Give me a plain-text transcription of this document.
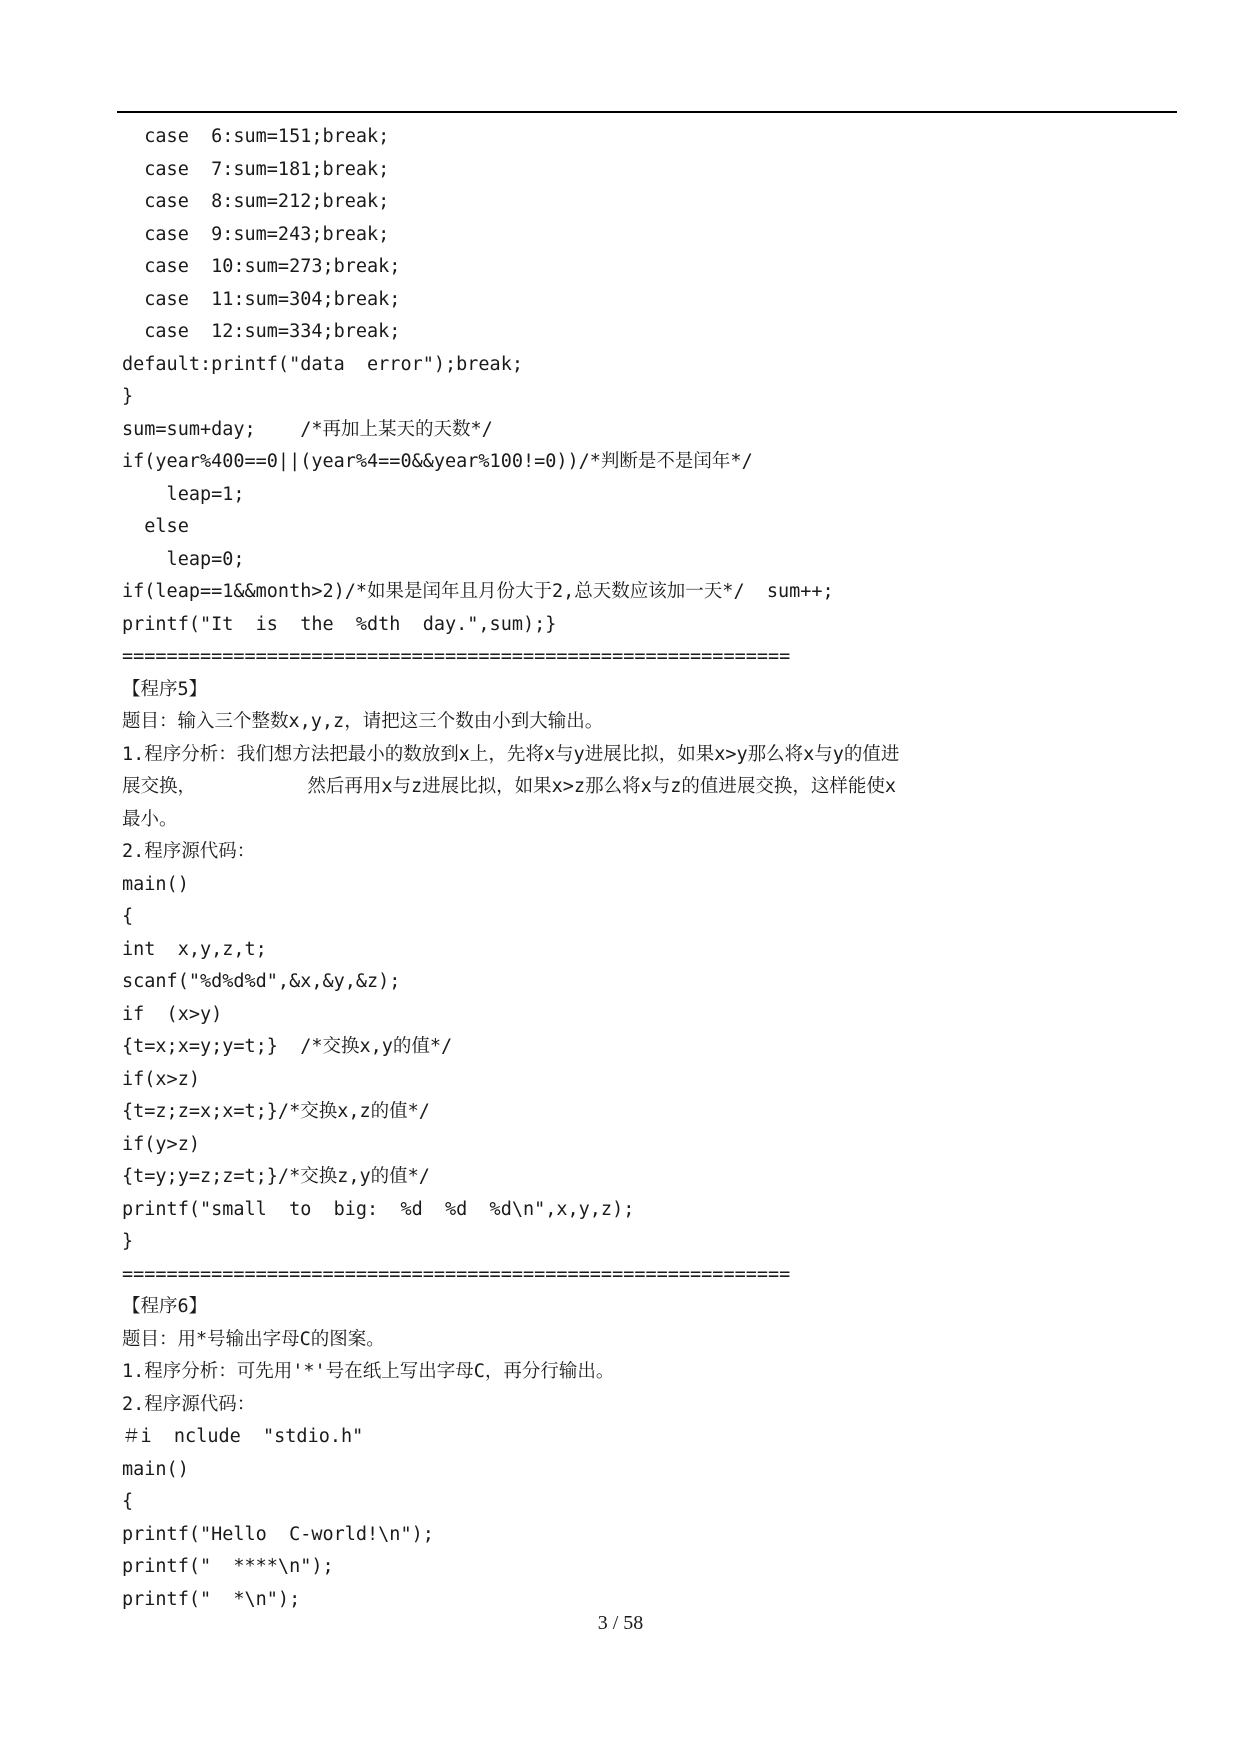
case  6:sum=151;break;
case  7:sum=181;break;
case  8:sum=212;break;
case  9:sum=243;break;
case  10:sum=273;break;
case  11:sum=304;break;
case  12:sum=334;break;
default:printf("data  error");break;
}
sum=sum+day;    /*再加上某天的天数*/
if(year%400==0||(year%4==0&&year%100!=0))/*判断是不是闰年*/
leap=1;
else
leap=0;
if(leap==1&&month>2)/*如果是闰年且月份大于2,总天数应该加一天*/  sum++;
printf("It  is  the  %dth  day.",sum);}
============================================================
【程序5】
题目：输入三个整数x,y,z，请把这三个数由小到大输出。
1.程序分析：我们想方法把最小的数放到x上，先将x与y进展比拟，如果x>y那么将x与y的值进
展交换，          然后再用x与z进展比拟，如果x>z那么将x与z的值进展交换，这样能使x
最小。
2.程序源代码：
main()
{
int  x,y,z,t;
scanf("%d%d%d",&x,&y,&z);
if  (x>y)
{t=x;x=y;y=t;}  /*交换x,y的值*/
if(x>z)
{t=z;z=x;x=t;}/*交换x,z的值*/
if(y>z)
{t=y;y=z;z=t;}/*交换z,y的值*/
printf("small  to  big:  %d  %d  %d\n",x,y,z);
}
============================================================
【程序6】
题目：用*号输出字母C的图案。
1.程序分析：可先用'*'号在纸上写出字母C，再分行输出。
2.程序源代码：
＃i  nclude  "stdio.h"
main()
{
printf("Hello  C-world!\n");
printf("  ****\n");
printf("  *\n");
3 / 58
